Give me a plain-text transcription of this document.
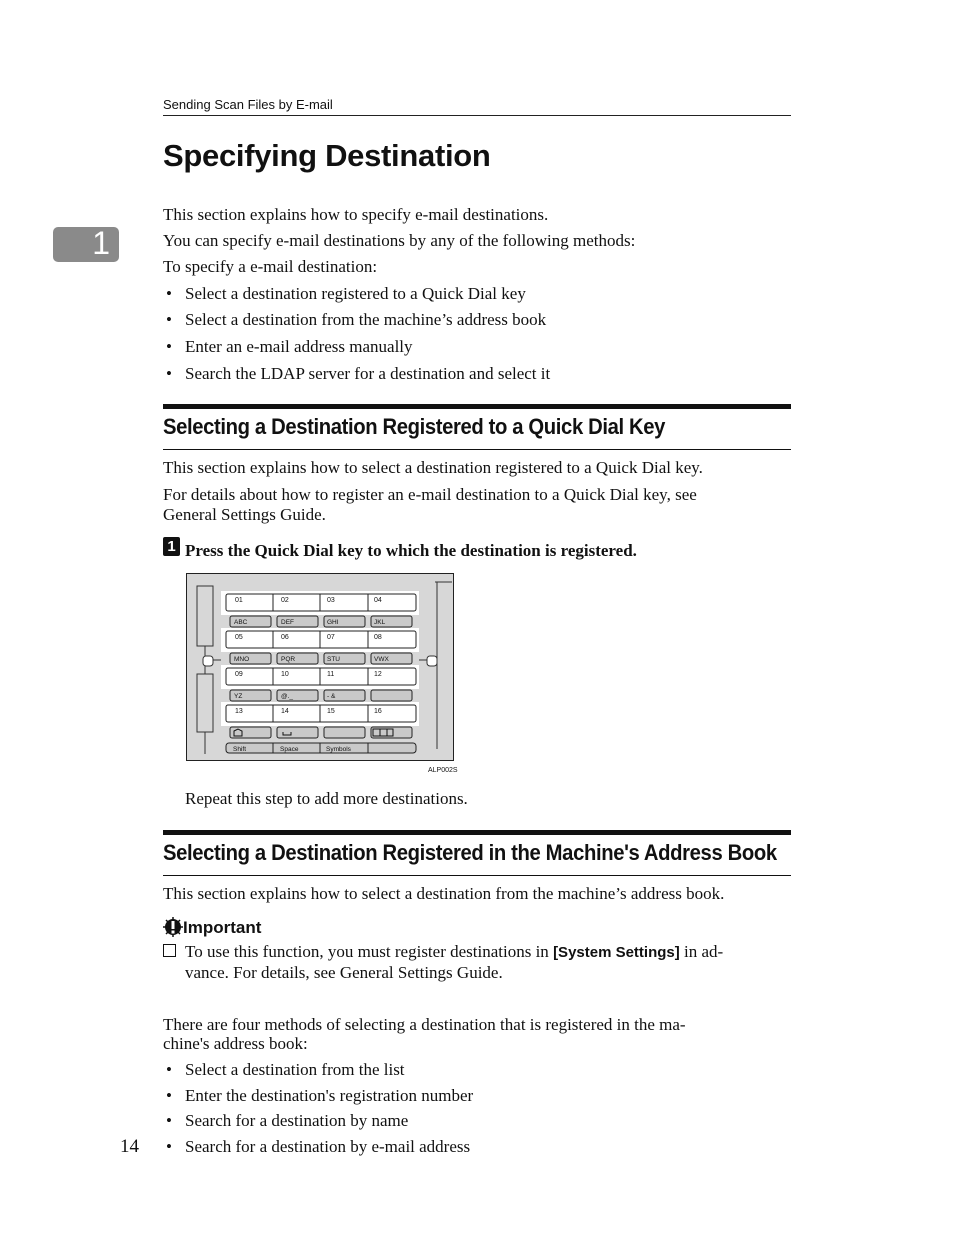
Sending Scan Files by E-mail
1
Specifying Destination
This section explains how to specify e-mail destinations.
You can specify e-mail destinations by any of the following methods:
To specify a e-mail destination:
• Select a destination registered to a Quick Dial key
• Select a destination from the machine’s address book
• Enter an e-mail address manually
• Search the LDAP server for a destination and select it
Selecting a Destination Registered to a Quick Dial Key
This section explains how to select a destination registered to a Quick Dial key.
For details about how to register an e-mail destination to a Quick Dial key, see
General Settings Guide.
1 Press the Quick Dial key to which the destination is registered.
01	02	03	04
05	06	07	08
09	10	11	12
13	14	15	16
ABC	DEF	GHI	JKL
MNO	PQR	STU	VWX
YZ	@._	- &
Shift	Space	Symbols
ALP002S
Repeat this step to add more destinations.
Selecting a Destination Registered in the Machine's Address Book
This section explains how to select a destination from the machine’s address book.
Important
To use this function, you must register destinations in [System Settings] in ad-
vance. For details, see General Settings Guide.
There are four methods of selecting a destination that is registered in the ma-
chine's address book:
• Select a destination from the list
• Enter the destination's registration number
• Search for a destination by name
• Search for a destination by e-mail address
14
